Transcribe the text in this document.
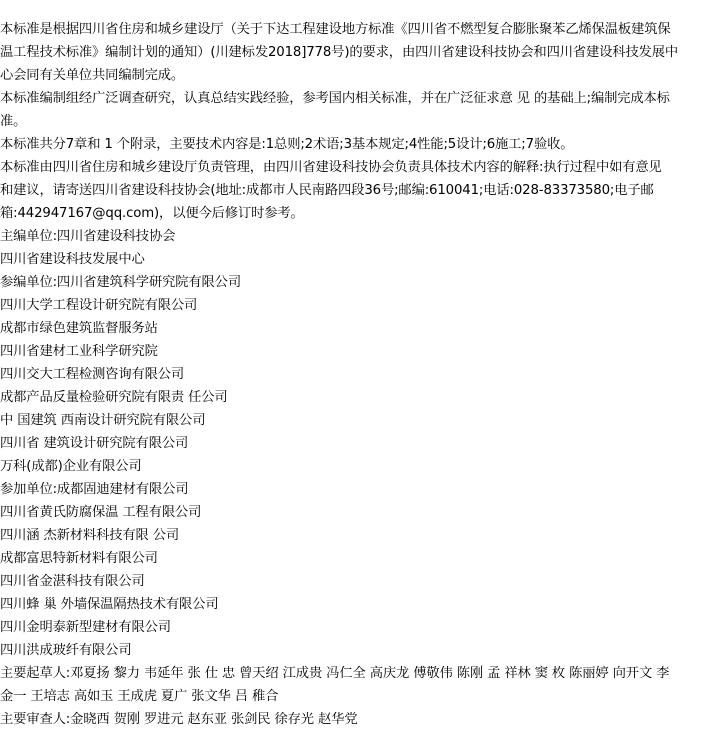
本标准是根据四川省住房和城乡建设厅（关于下达工程建设地方标准《四川省不燃型复合膨胀聚苯乙烯保温板建筑保
温工程技术标准》编制计划的通知）(川建标发2018]778号)的要求，由四川省建设科技协会和四川省建设科技发展中
心会同有关单位共同编制完成。
本标准编制组经广泛调查研究，认真总结实践经验，参考国内相关标准，并在广泛征求意 见 的基础上;编制完成本标
准。
本标准共分7章和 1 个附录，主要技术内容是:1总则;2术语;3基本规定;4性能;5设计;6施工;7验收。
本标准由四川省住房和城乡建设厅负责管理，由四川省建设科技协会负责具体技术内容的解释:执行过程中如有意见
和建议，请寄送四川省建设科技协会(地址:成都市人民南路四段36号;邮编:610041;电话:028-83373580;电子邮
箱:442947167@qq.com)，以便今后修订时参考。
主编单位:四川省建设科技协会
四川省建设科技发展中心
参编单位:四川省建筑科学研究院有限公司
四川大学工程设计研究院有限公司
成都市绿色建筑监督服务站
四川省建材工业科学研究院
四川交大工程检测咨询有限公司
成都产品反量检验研究院有限责 任公司
中 国建筑 西南设计研究院有限公司
四川省 建筑设计研究院有限公司
万科(成都)企业有限公司
参加单位:成都固迪建材有限公司
四川省黄氏防腐保温 工程有限公司
四川涵 杰新材料科技有限 公司
成都富思特新材料有限公司
四川省金湛科技有限公司
四川蜂 巢 外墙保温隔热技术有限公司
四川金明泰新型建材有限公司
四川洪成玻纤有限公司
主要起草人:邓夏扬 黎力 韦延年 张 仕 忠 曾天绍 江成贵 冯仁全 高庆龙 傅敬伟 陈刚 孟 祥林 窦 枚 陈丽婷 向开文 李
金一 王培志 高如玉 王成虎 夏广 张文华 吕 稚合
主要审查人:金晓西 贺刚 罗进元 赵东亚 张剑民 徐存光 赵华党
